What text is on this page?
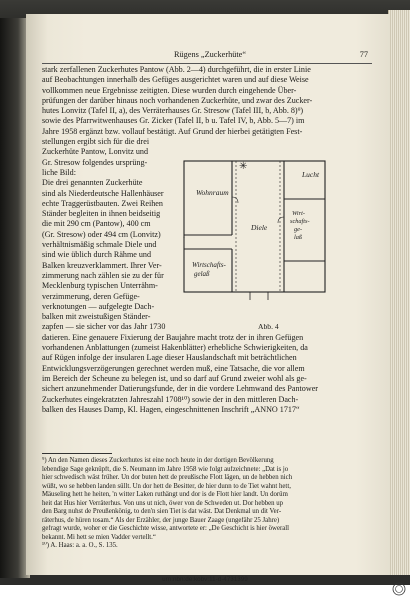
Rügens „Zuckerhüte“	77
stark zerfallenen Zuckerhutes Pantow (Abb. 2—4) durchgeführt, die in erster Linie
auf Beobachtungen innerhalb des Gefüges ausgerichtet waren und auf diese Weise
vollkommen neue Ergebnisse zeitigten. Diese wurden durch eingehende Über-
prüfungen der darüber hinaus noch vorhandenen Zuckerhüte, und zwar des Zucker-
hutes Lonvitz (Tafel II, a), des Verräterhauses Gr. Stresow (Tafel III, b, Abb. 8)⁹)
sowie des Pfarrwitwenhauses Gr. Zicker (Tafel II, b u. Tafel IV, b, Abb. 5—7) im
Jahre 1958 ergänzt bzw. vollauf bestätigt. Auf Grund der hierbei getätigten Fest-
stellungen ergibt sich für die drei
Zuckerhüte Pantow, Lonvitz und
Gr. Stresow folgendes ursprüng-
liche Bild:
Die drei genannten Zuckerhüte
sind als Niederdeutsche Hallenhäuser
echte Traggerüstbauten. Zwei Reihen
Ständer begleiten in ihnen beidseitig
die mit 290 cm (Pantow), 400 cm
(Gr. Stresow) oder 494 cm (Lonvitz)
verhältnismäßig schmale Diele und
sind wie üblich durch Rähme und
Balken kreuzverklammert. Ihrer Ver-
zimmerung nach zählen sie zu der für
Mecklenburg typischen Unterrähm-
verzimmerung, deren Gefüge-
verknotungen — aufgelegte Dach-
balken mit zweistußigen Ständer-
zapfen — sie sicher vor das Jahr 1730
datieren. Eine genauere Fixierung der Baujahre macht trotz der in ihren Gefügen
vorhandenen Anblattungen (zumeist Hakenblätter) erhebliche Schwierigkeiten, da
auf Rügen infolge der insularen Lage dieser Hauslandschaft mit beträchtlichen
Entwicklungsverzögerungen gerechnet werden muß, eine Tatsache, die vor allem
im Bereich der Scheune zu belegen ist, und so darf auf Grund zweier wohl als ge-
sichert anzunehmender Datierungsfunde, der in die vordere Lehmwand des Pantower
Zuckerhutes eingekratzten Jahreszahl 1708¹⁰) sowie der in den mittleren Dach-
balken des Hauses Damp, Kl. Hagen, eingeschnittenen Inschrift „ANNO 1717“
✳
Wohnraum
Diele
Lucht
Wirt-
schafts-
ge-
laß
Wirtschafts-
gelaß
Abb. 4
⁹) An den Namen dieses Zuckerhutes ist eine noch heute in der dortigen Bevölkerung
lebendige Sage geknüpft, die S. Neumann im Jahre 1958 wie folgt aufzeichnete: „Dat is jo
hier schwedisch wäst früher. Un dor buten hett de preußische Flott lägen, un de hebben nich
wüßt, wo se hebben landen süllt. Un dor hett de Besitter, de hier dunn to de Tiet wahnt hett,
Mäuseling hett he heiten, 'n witter Laken ruthängt und dor is de Flott hier landt. Un dorüm
heit dat Hus hier Verräterhus. Von uns ut nich, öwer von de Schweden ut. Dor hebben up
den Barg nuhst de Preußenkönig, to den'n sien Tiet is dat wäst. Dat Denkmal un dit Ver-
räterhus, de hüren tosam.“ Als der Erzähler, der junge Bauer Zaage (ungefähr 25 Jahre)
gefragt wurde, woher er die Geschichte wisse, antwortete er: „De Geschicht is hier öwerall
bekannt. Mi hett se mien Vadder vertellt.“
¹⁰) A. Haas: a. a. O., S. 135.
urn:nbn:de:kobv:11-d-4731399
